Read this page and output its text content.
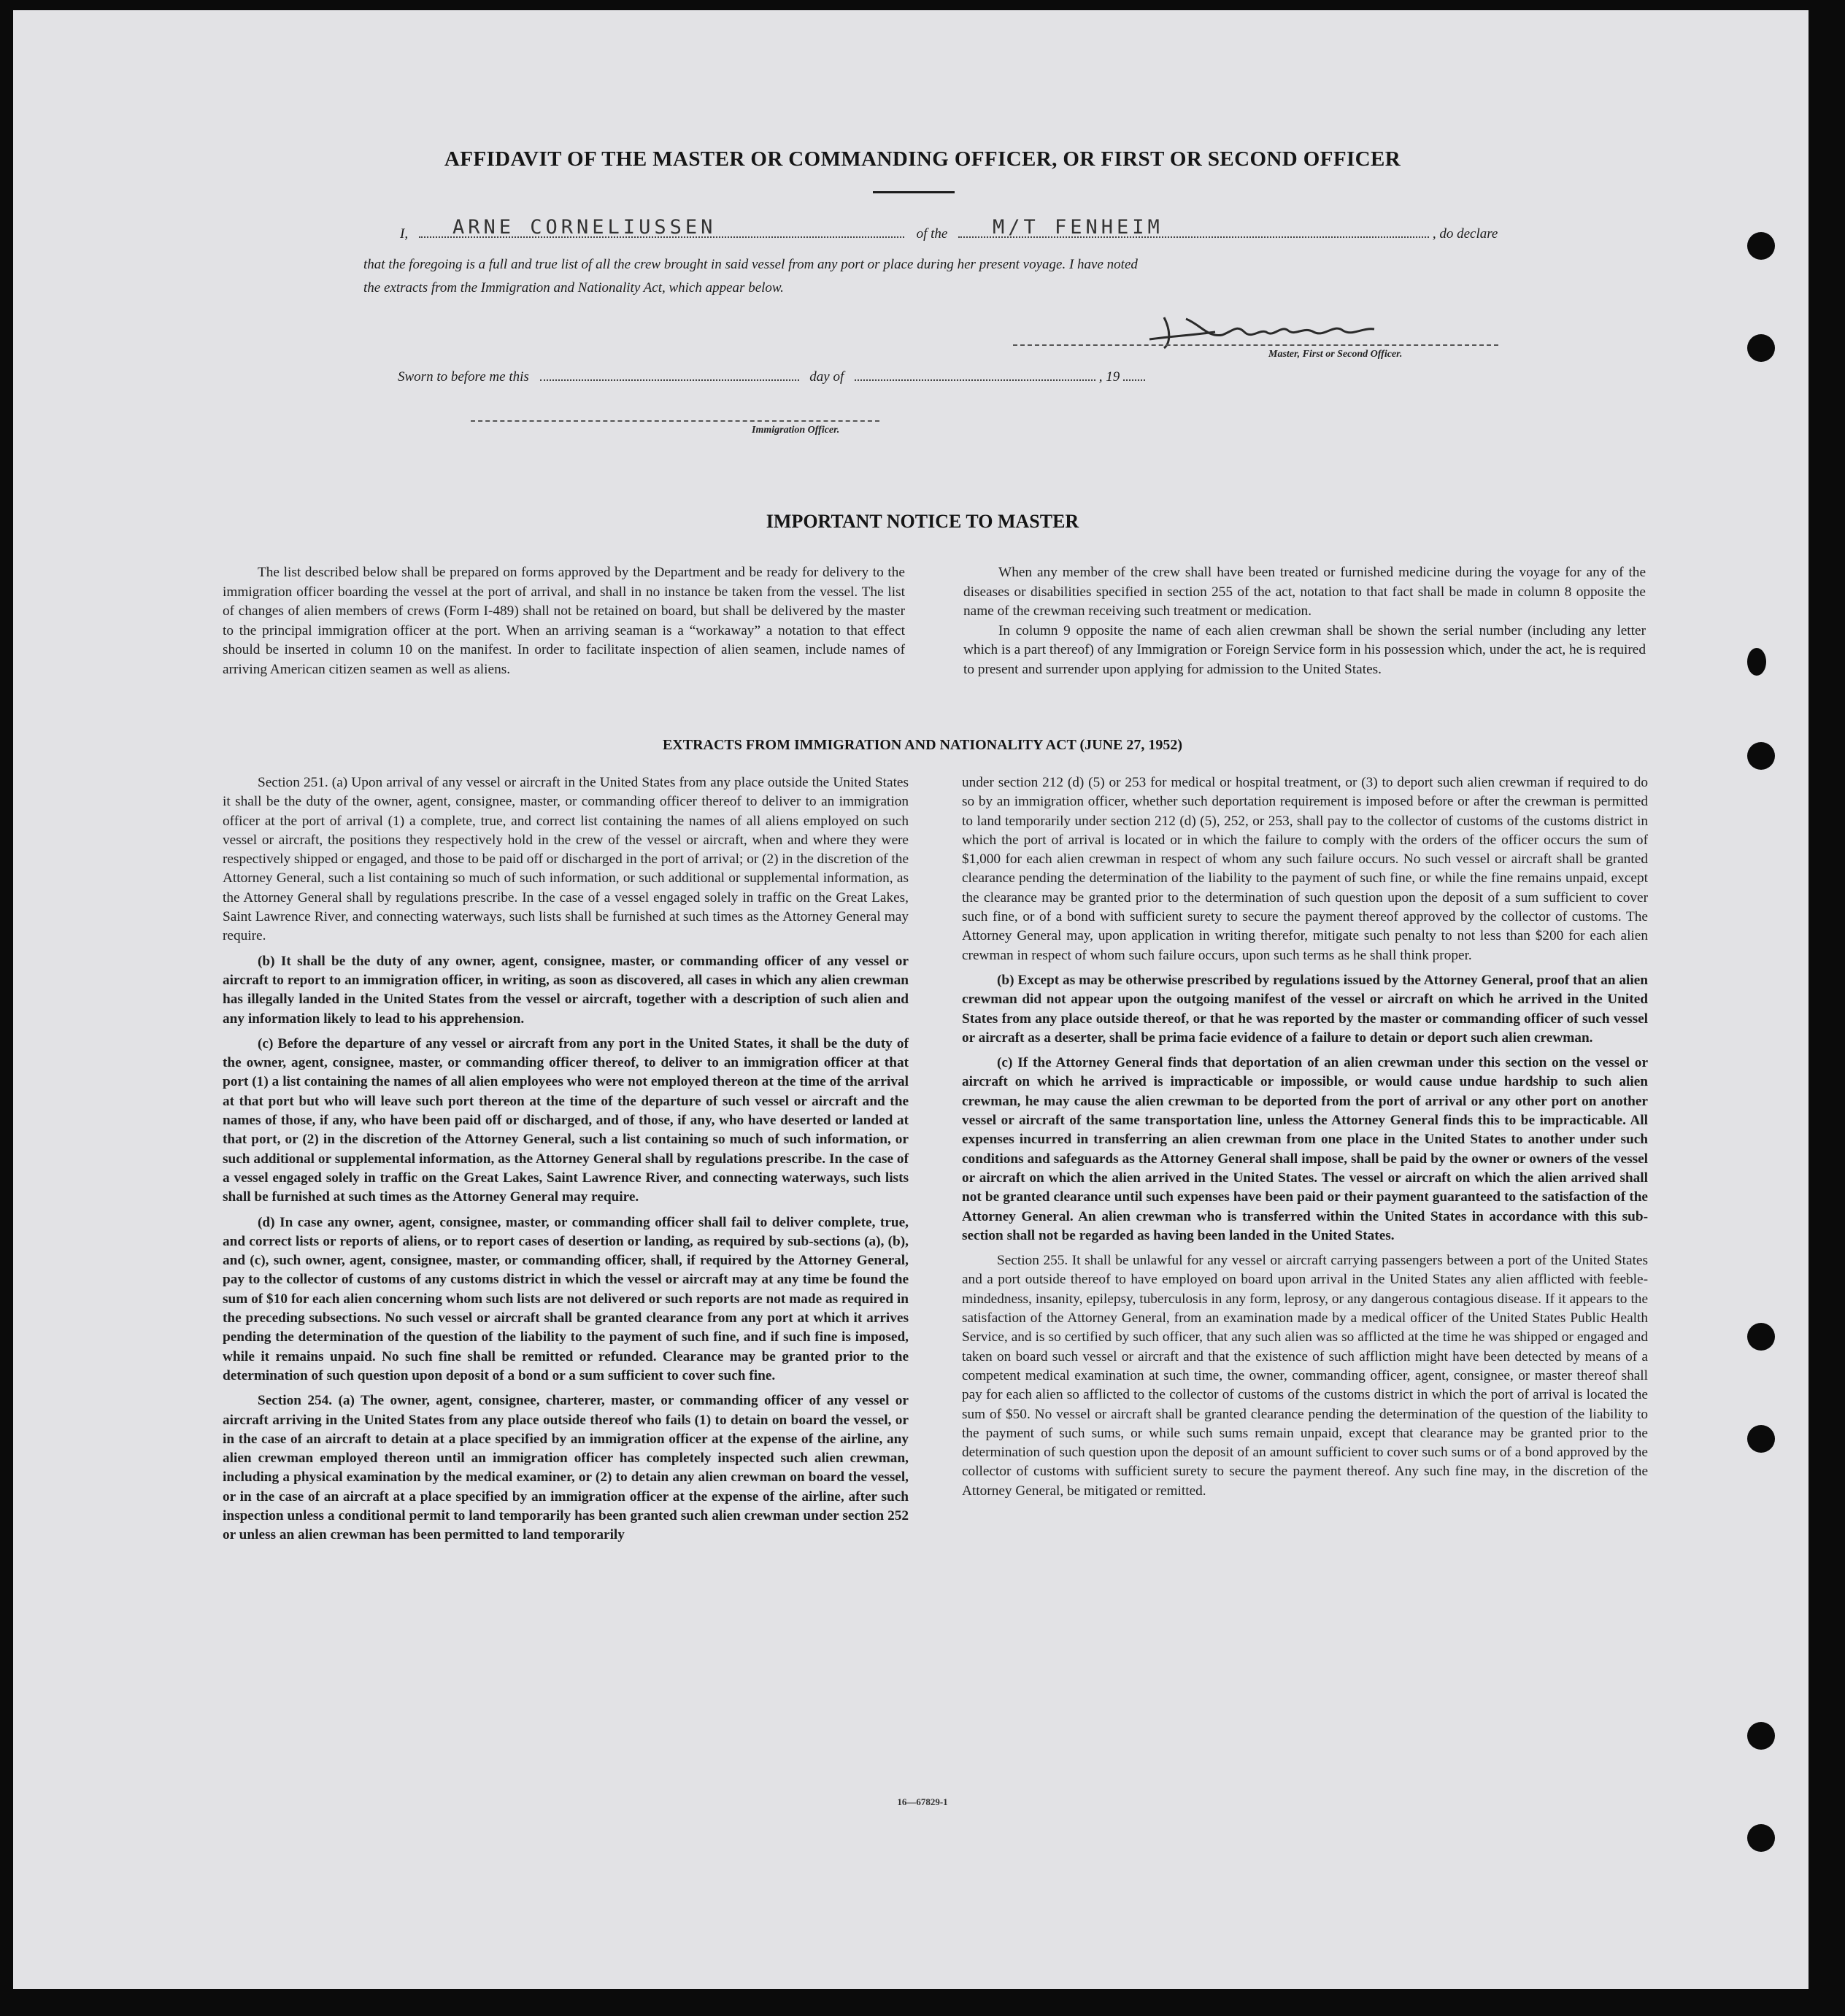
AFFIDAVIT OF THE MASTER OR COMMANDING OFFICER, OR FIRST OR SECOND OFFICER
I,	of the	, do declare
ARNE CORNELIUSSEN	M/T FENHEIM
that the foregoing is a full and true list of all the crew brought in said vessel from any port or place during her present voyage. I have noted
the extracts from the Immigration and Nationality Act, which appear below.
Master, First or Second Officer.
Sworn to before me this	day of	, 19
Immigration Officer.
IMPORTANT NOTICE TO MASTER

The list described below shall be prepared on forms approved by the Department and be ready for delivery to the immigration officer boarding the vessel at the port of arrival, and shall in no instance be taken from the vessel. The list of changes of alien members of crews (Form I-489) shall not be retained on board, but shall be delivered by the master to the principal immigration officer at the port. When an arriving seaman is a “workaway” a notation to that effect should be inserted in column 10 on the manifest. In order to facilitate inspection of alien seamen, include names of arriving American citizen seamen as well as aliens.

When any member of the crew shall have been treated or furnished medicine during the voyage for any of the diseases or disabilities specified in section 255 of the act, notation to that fact shall be made in column 8 opposite the name of the crewman receiving such treatment or medication.

In column 9 opposite the name of each alien crewman shall be shown the serial number (including any letter which is a part thereof) of any Immigration or Foreign Service form in his possession which, under the act, he is required to present and surrender upon applying for admission to the United States.

EXTRACTS FROM IMMIGRATION AND NATIONALITY ACT (JUNE 27, 1952)

Section 251. (a) Upon arrival of any vessel or aircraft in the United States from any place outside the United States it shall be the duty of the owner, agent, consignee, master, or commanding officer thereof to deliver to an immigration officer at the port of arrival (1) a complete, true, and correct list containing the names of all aliens employed on such vessel or aircraft, the positions they respectively hold in the crew of the vessel or aircraft, when and where they were respectively shipped or engaged, and those to be paid off or discharged in the port of arrival; or (2) in the discretion of the Attorney General, such a list containing so much of such information, or such additional or supplemental information, as the Attorney General shall by regulations prescribe. In the case of a vessel engaged solely in traffic on the Great Lakes, Saint Lawrence River, and connecting waterways, such lists shall be furnished at such times as the Attorney General may require.

(b) It shall be the duty of any owner, agent, consignee, master, or commanding officer of any vessel or aircraft to report to an immigration officer, in writing, as soon as discovered, all cases in which any alien crewman has illegally landed in the United States from the vessel or aircraft, together with a description of such alien and any information likely to lead to his apprehension.

(c) Before the departure of any vessel or aircraft from any port in the United States, it shall be the duty of the owner, agent, consignee, master, or commanding officer thereof, to deliver to an immigration officer at that port (1) a list containing the names of all alien employees who were not employed thereon at the time of the arrival at that port but who will leave such port thereon at the time of the departure of such vessel or aircraft and the names of those, if any, who have been paid off or discharged, and of those, if any, who have deserted or landed at that port, or (2) in the discretion of the Attorney General, such a list containing so much of such information, or such additional or supplemental information, as the Attorney General shall by regulations prescribe. In the case of a vessel engaged solely in traffic on the Great Lakes, Saint Lawrence River, and connecting waterways, such lists shall be furnished at such times as the Attorney General may require.

(d) In case any owner, agent, consignee, master, or commanding officer shall fail to deliver complete, true, and correct lists or reports of aliens, or to report cases of desertion or landing, as required by sub-sections (a), (b), and (c), such owner, agent, consignee, master, or commanding officer, shall, if required by the Attorney General, pay to the collector of customs of any customs district in which the vessel or aircraft may at any time be found the sum of $10 for each alien concerning whom such lists are not delivered or such reports are not made as required in the preceding subsections. No such vessel or aircraft shall be granted clearance from any port at which it arrives pending the determination of the question of the liability to the payment of such fine, and if such fine is imposed, while it remains unpaid. No such fine shall be remitted or refunded. Clearance may be granted prior to the determination of such question upon deposit of a bond or a sum sufficient to cover such fine.

Section 254. (a) The owner, agent, consignee, charterer, master, or commanding officer of any vessel or aircraft arriving in the United States from any place outside thereof who fails (1) to detain on board the vessel, or in the case of an aircraft to detain at a place specified by an immigration officer at the expense of the airline, any alien crewman employed thereon until an immigration officer has completely inspected such alien crewman, including a physical examination by the medical examiner, or (2) to detain any alien crewman on board the vessel, or in the case of an aircraft at a place specified by an immigration officer at the expense of the airline, after such inspection unless a conditional permit to land temporarily has been granted such alien crewman under section 252 or unless an alien crewman has been permitted to land temporarily

under section 212 (d) (5) or 253 for medical or hospital treatment, or (3) to deport such alien crewman if required to do so by an immigration officer, whether such deportation requirement is imposed before or after the crewman is permitted to land temporarily under section 212 (d) (5), 252, or 253, shall pay to the collector of customs of the customs district in which the port of arrival is located or in which the failure to comply with the orders of the officer occurs the sum of $1,000 for each alien crewman in respect of whom any such failure occurs. No such vessel or aircraft shall be granted clearance pending the determination of the liability to the payment of such fine, or while the fine remains unpaid, except the clearance may be granted prior to the determination of such question upon the deposit of a sum sufficient to cover such fine, or of a bond with sufficient surety to secure the payment thereof approved by the collector of customs. The Attorney General may, upon application in writing therefor, mitigate such penalty to not less than $200 for each alien crewman in respect of whom such failure occurs, upon such terms as he shall think proper.

(b) Except as may be otherwise prescribed by regulations issued by the Attorney General, proof that an alien crewman did not appear upon the outgoing manifest of the vessel or aircraft on which he arrived in the United States from any place outside thereof, or that he was reported by the master or commanding officer of such vessel or aircraft as a deserter, shall be prima facie evidence of a failure to detain or deport such alien crewman.

(c) If the Attorney General finds that deportation of an alien crewman under this section on the vessel or aircraft on which he arrived is impracticable or impossible, or would cause undue hardship to such alien crewman, he may cause the alien crewman to be deported from the port of arrival or any other port on another vessel or aircraft of the same transportation line, unless the Attorney General finds this to be impracticable. All expenses incurred in transferring an alien crewman from one place in the United States to another under such conditions and safeguards as the Attorney General shall impose, shall be paid by the owner or owners of the vessel or aircraft on which the alien arrived in the United States. The vessel or aircraft on which the alien arrived shall not be granted clearance until such expenses have been paid or their payment guaranteed to the satisfaction of the Attorney General. An alien crewman who is transferred within the United States in accordance with this sub-section shall not be regarded as having been landed in the United States.

Section 255. It shall be unlawful for any vessel or aircraft carrying passengers between a port of the United States and a port outside thereof to have employed on board upon arrival in the United States any alien afflicted with feeble-mindedness, insanity, epilepsy, tuberculosis in any form, leprosy, or any dangerous contagious disease. If it appears to the satisfaction of the Attorney General, from an examination made by a medical officer of the United States Public Health Service, and is so certified by such officer, that any such alien was so afflicted at the time he was shipped or engaged and taken on board such vessel or aircraft and that the existence of such affliction might have been detected by means of a competent medical examination at such time, the owner, commanding officer, agent, consignee, or master thereof shall pay for each alien so afflicted to the collector of customs of the customs district in which the port of arrival is located the sum of $50. No vessel or aircraft shall be granted clearance pending the determination of the question of the liability to the payment of such sums, or while such sums remain unpaid, except that clearance may be granted prior to the determination of such question upon the deposit of an amount sufficient to cover such sums or of a bond approved by the collector of customs with sufficient surety to secure the payment thereof. Any such fine may, in the discretion of the Attorney General, be mitigated or remitted.

16—67829-1
